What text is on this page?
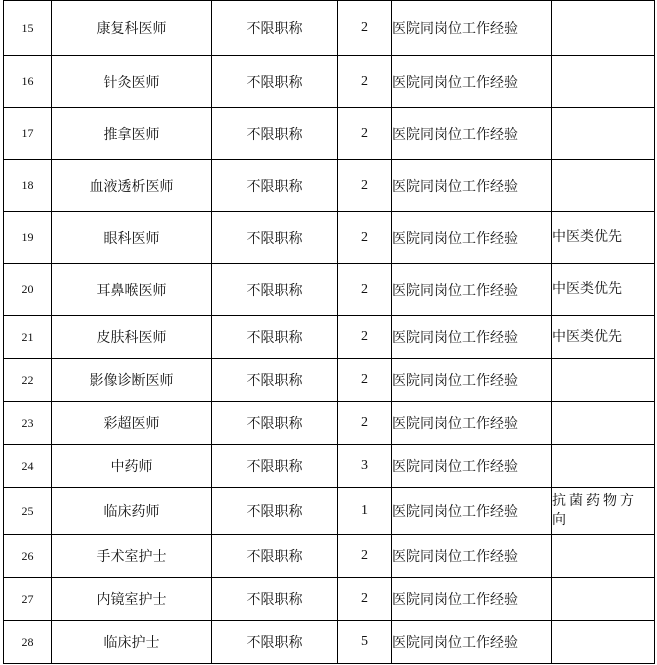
15	康复科医师	不限职称	2	医院同岗位工作经验	
16	针灸医师	不限职称	2	医院同岗位工作经验	
17	推拿医师	不限职称	2	医院同岗位工作经验	
18	血液透析医师	不限职称	2	医院同岗位工作经验	
19	眼科医师	不限职称	2	医院同岗位工作经验	中医类优先
20	耳鼻喉医师	不限职称	2	医院同岗位工作经验	中医类优先
21	皮肤科医师	不限职称	2	医院同岗位工作经验	中医类优先
22	影像诊断医师	不限职称	2	医院同岗位工作经验	
23	彩超医师	不限职称	2	医院同岗位工作经验	
24	中药师	不限职称	3	医院同岗位工作经验	
25	临床药师	不限职称	1	医院同岗位工作经验	抗菌药物方向
26	手术室护士	不限职称	2	医院同岗位工作经验	
27	内镜室护士	不限职称	2	医院同岗位工作经验	
28	临床护士	不限职称	5	医院同岗位工作经验	
